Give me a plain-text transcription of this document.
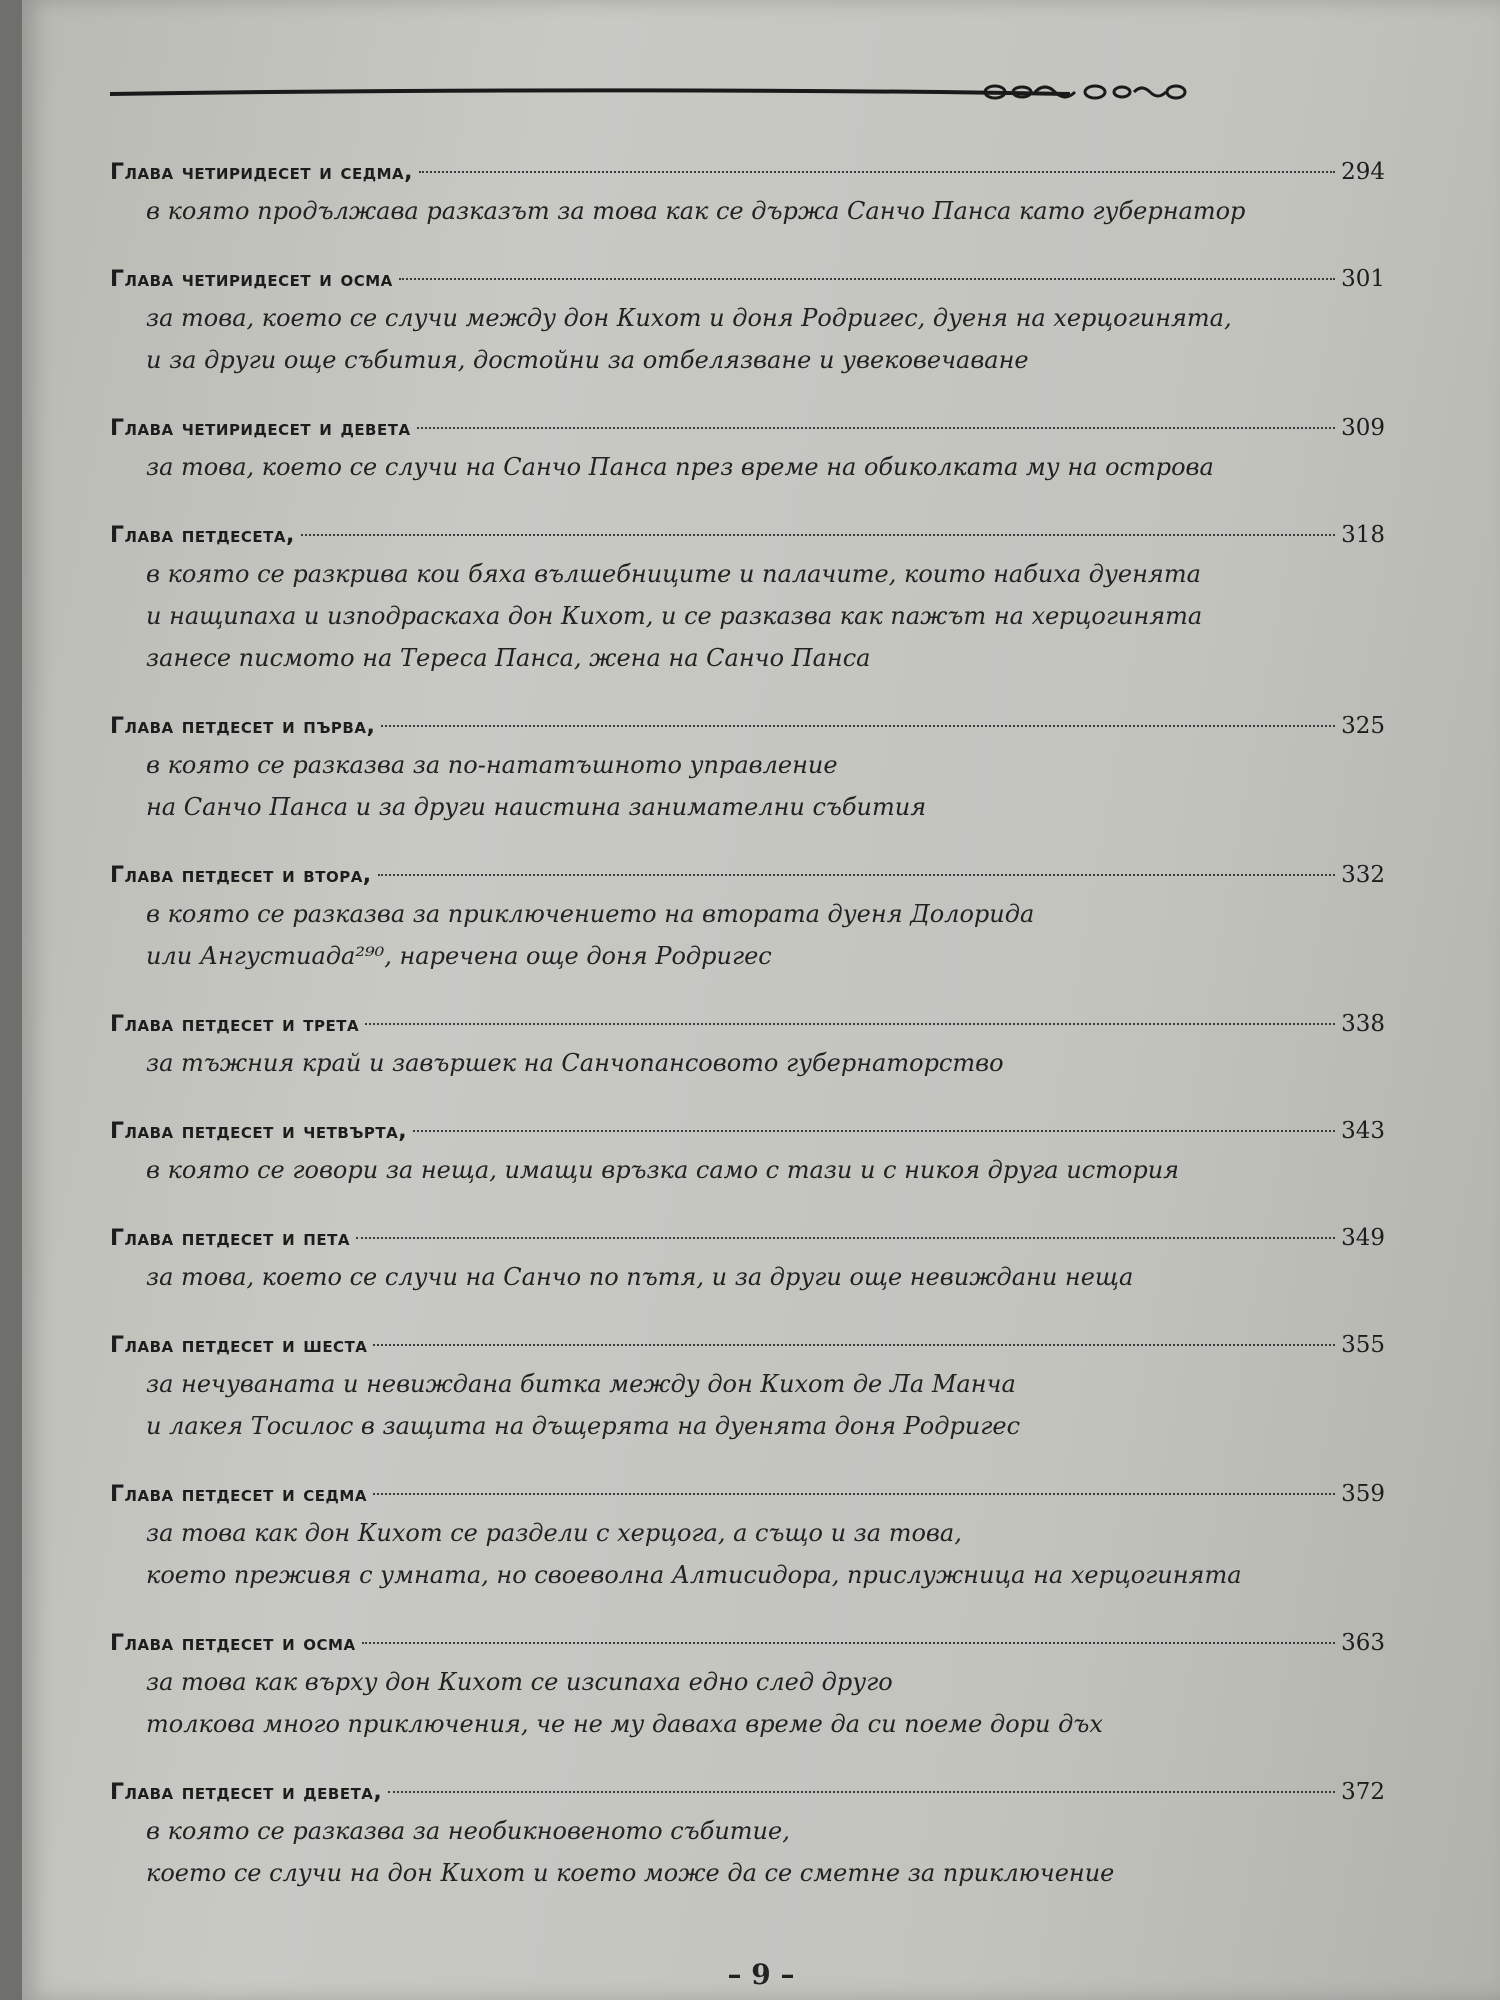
Глава четиридесет и седма,	294
в която продължава разказът за това как се държа Санчо Панса като губернатор
Глава четиридесет и осма	301
за това, което се случи между дон Кихот и доня Родригес, дуеня на херцогинята,
и за други още събития, достойни за отбелязване и увековечаване
Глава четиридесет и девета	309
за това, което се случи на Санчо Панса през време на обиколката му на острова
Глава петдесета,	318
в която се разкрива кои бяха вълшебниците и палачите, които набиха дуенята
и нащипаха и изподраскаха дон Кихот, и се разказва как пажът на херцогинята
занесе писмото на Тереса Панса, жена на Санчо Панса
Глава петдесет и първа,	325
в която се разказва за по-нататъшното управление
на Санчо Панса и за други наистина занимателни събития
Глава петдесет и втора,	332
в която се разказва за приключението на втората дуеня Долорида
или Ангустиада²⁹⁰, наречена още доня Родригес
Глава петдесет и трета	338
за тъжния край и завършек на Санчопансовото губернаторство
Глава петдесет и четвърта,	343
в която се говори за неща, имащи връзка само с тази и с никоя друга история
Глава петдесет и пета	349
за това, което се случи на Санчо по пътя, и за други още невиждани неща
Глава петдесет и шеста	355
за нечуваната и невиждана битка между дон Кихот де Ла Манча
и лакея Тосилос в защита на дъщерята на дуенята доня Родригес
Глава петдесет и седма	359
за това как дон Кихот се раздели с херцога, а също и за това,
което преживя с умната, но своеволна Алтисидора, прислужница на херцогинята
Глава петдесет и осма	363
за това как върху дон Кихот се изсипаха едно след друго
толкова много приключения, че не му даваха време да си поеме дори дъх
Глава петдесет и девета,	372
в която се разказва за необикновеното събитие,
което се случи на дон Кихот и което може да се сметне за приключение
– 9 –
